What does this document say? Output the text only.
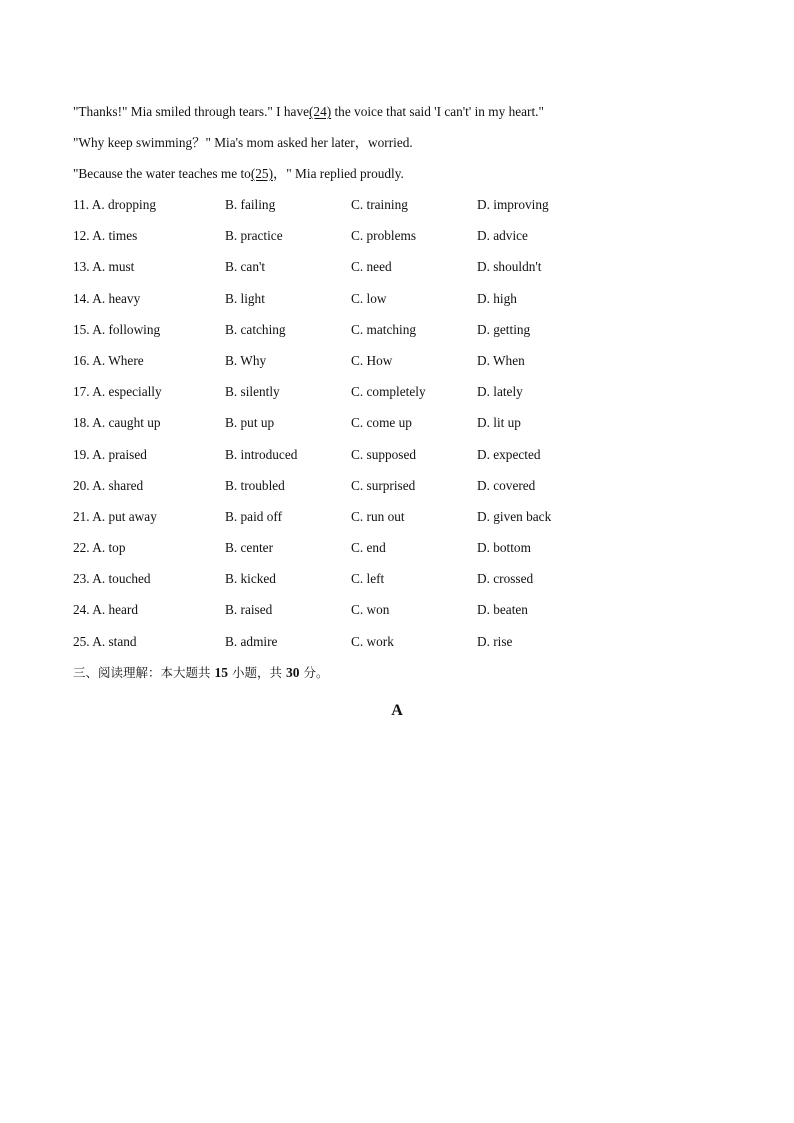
"Thanks!" Mia smiled through tears." I have(24) the voice that said 'I can't' in my heart."
"Why keep swimming？" Mia's mom asked her later，worried.
"Because the water teaches me to(25)，" Mia replied proudly.
11. A. dropping	B. failing	C. training	D. improving
12. A. times	B. practice	C. problems	D. advice
13. A. must	B. can't	C. need	D. shouldn't
14. A. heavy	B. light	C. low	D. high
15. A. following	B. catching	C. matching	D. getting
16. A. Where	B. Why	C. How	D. When
17. A. especially	B. silently	C. completely	D. lately
18. A. caught up	B. put up	C. come up	D. lit up
19. A. praised	B. introduced	C. supposed	D. expected
20. A. shared	B. troubled	C. surprised	D. covered
21. A. put away	B. paid off	C. run out	D. given back
22. A. top	B. center	C. end	D. bottom
23. A. touched	B. kicked	C. left	D. crossed
24. A. heard	B. raised	C. won	D. beaten
25. A. stand	B. admire	C. work	D. rise
三、阅读理解：本大题共 15 小题，共 30 分。
A
